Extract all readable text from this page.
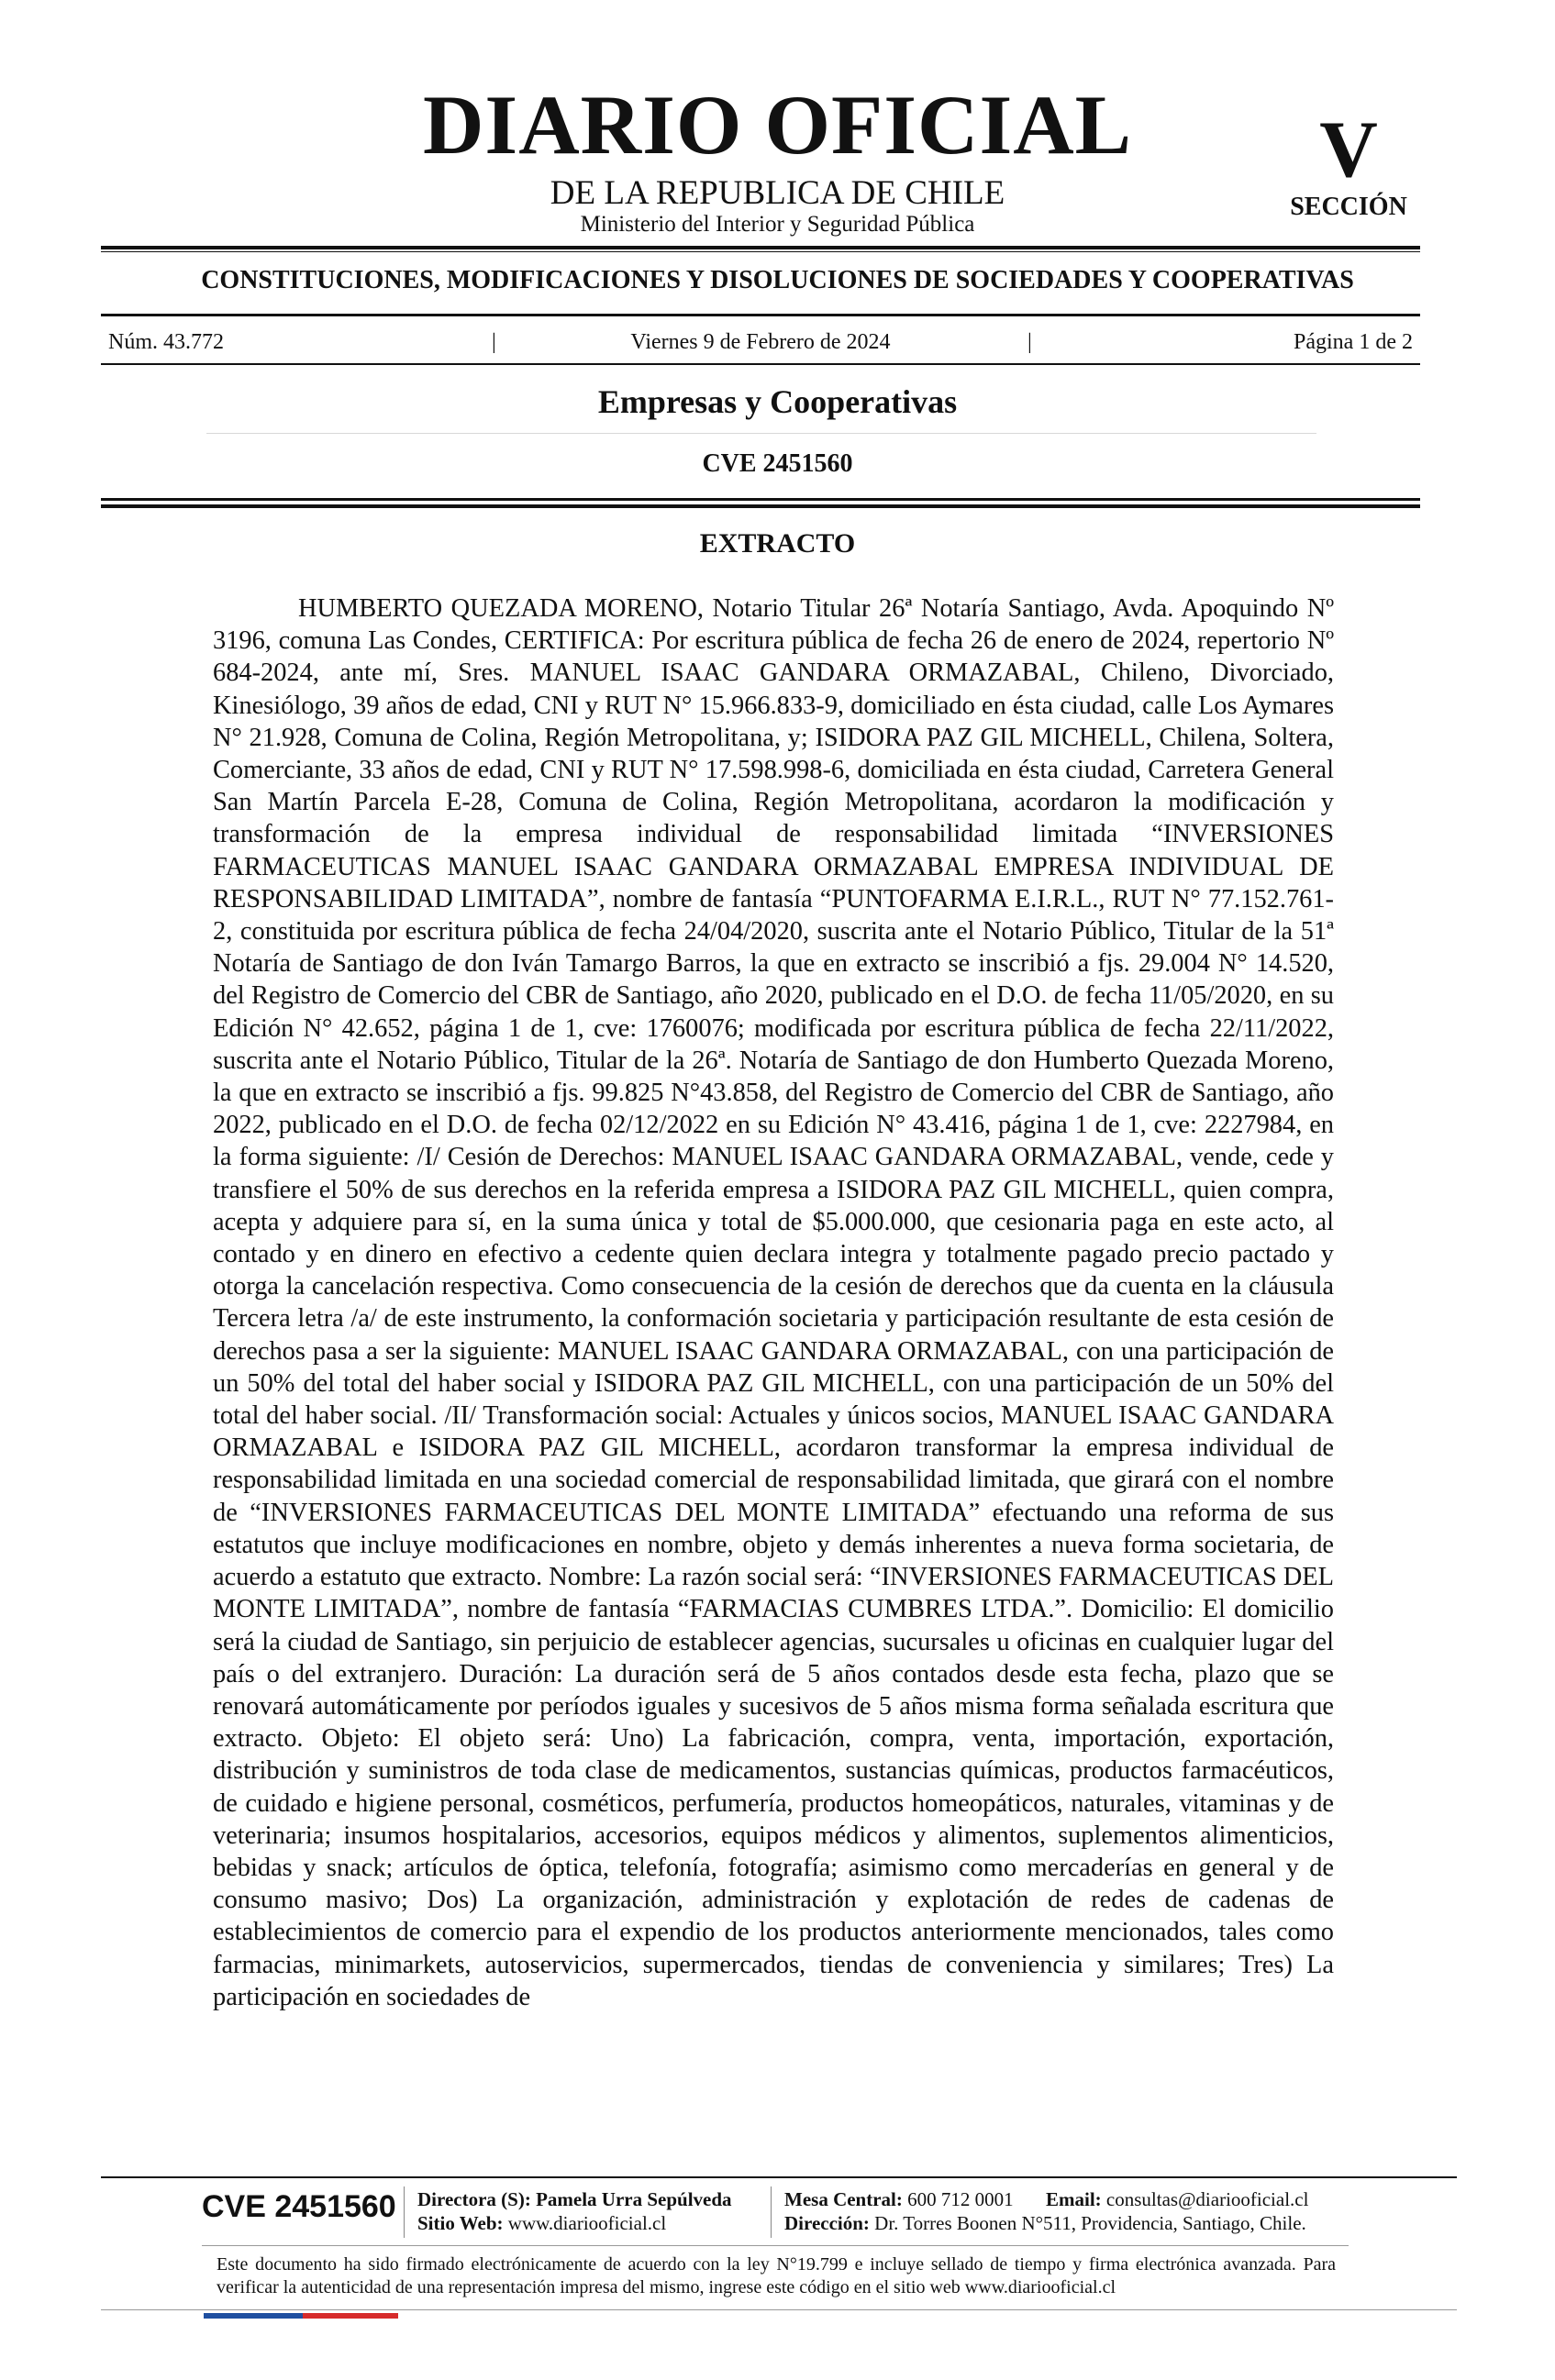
DIARIO OFICIAL
DE LA REPUBLICA DE CHILE
Ministerio del Interior y Seguridad Pública
V
SECCIÓN
CONSTITUCIONES, MODIFICACIONES Y DISOLUCIONES DE SOCIEDADES Y COOPERATIVAS
Núm. 43.772	|	Viernes 9 de Febrero de 2024	|	Página 1 de 2
Empresas y Cooperativas
CVE 2451560
EXTRACTO

HUMBERTO QUEZADA MORENO, Notario Titular 26ª Notaría Santiago, Avda. Apoquindo Nº 3196, comuna Las Condes, CERTIFICA: Por escritura pública de fecha 26 de enero de 2024, repertorio Nº 684-2024, ante mí, Sres. MANUEL ISAAC GANDARA ORMAZABAL, Chileno, Divorciado, Kinesiólogo, 39 años de edad, CNI y RUT N° 15.966.833-9, domiciliado en ésta ciudad, calle Los Aymares N° 21.928, Comuna de Colina, Región Metropolitana, y; ISIDORA PAZ GIL MICHELL, Chilena, Soltera, Comerciante, 33 años de edad, CNI y RUT N° 17.598.998-6, domiciliada en ésta ciudad, Carretera General San Martín Parcela E-28, Comuna de Colina, Región Metropolitana, acordaron la modificación y transformación de la empresa individual de responsabilidad limitada “INVERSIONES FARMACEUTICAS MANUEL ISAAC GANDARA ORMAZABAL EMPRESA INDIVIDUAL DE RESPONSABILIDAD LIMITADA”, nombre de fantasía “PUNTOFARMA E.I.R.L., RUT N° 77.152.761-2, constituida por escritura pública de fecha 24/04/2020, suscrita ante el Notario Público, Titular de la 51ª Notaría de Santiago de don Iván Tamargo Barros, la que en extracto se inscribió a fjs. 29.004 N° 14.520, del Registro de Comercio del CBR de Santiago, año 2020, publicado en el D.O. de fecha 11/05/2020, en su Edición N° 42.652, página 1 de 1, cve: 1760076; modificada por escritura pública de fecha 22/11/2022, suscrita ante el Notario Público, Titular de la 26ª. Notaría de Santiago de don Humberto Quezada Moreno, la que en extracto se inscribió a fjs. 99.825 N°43.858, del Registro de Comercio del CBR de Santiago, año 2022, publicado en el D.O. de fecha 02/12/2022 en su Edición N° 43.416, página 1 de 1, cve: 2227984, en la forma siguiente: /I/ Cesión de Derechos: MANUEL ISAAC GANDARA ORMAZABAL, vende, cede y transfiere el 50% de sus derechos en la referida empresa a ISIDORA PAZ GIL MICHELL, quien compra, acepta y adquiere para sí, en la suma única y total de $5.000.000, que cesionaria paga en este acto, al contado y en dinero en efectivo a cedente quien declara integra y totalmente pagado precio pactado y otorga la cancelación respectiva. Como consecuencia de la cesión de derechos que da cuenta en la cláusula Tercera letra /a/ de este instrumento, la conformación societaria y participación resultante de esta cesión de derechos pasa a ser la siguiente: MANUEL ISAAC GANDARA ORMAZABAL, con una participación de un 50% del total del haber social y ISIDORA PAZ GIL MICHELL, con una participación de un 50% del total del haber social. /II/ Transformación social: Actuales y únicos socios, MANUEL ISAAC GANDARA ORMAZABAL e ISIDORA PAZ GIL MICHELL, acordaron transformar la empresa individual de responsabilidad limitada en una sociedad comercial de responsabilidad limitada, que girará con el nombre de “INVERSIONES FARMACEUTICAS DEL MONTE LIMITADA” efectuando una reforma de sus estatutos que incluye modificaciones en nombre, objeto y demás inherentes a nueva forma societaria, de acuerdo a estatuto que extracto. Nombre: La razón social será: “INVERSIONES FARMACEUTICAS DEL MONTE LIMITADA”, nombre de fantasía “FARMACIAS CUMBRES LTDA.”. Domicilio: El domicilio será la ciudad de Santiago, sin perjuicio de establecer agencias, sucursales u oficinas en cualquier lugar del país o del extranjero. Duración: La duración será de 5 años contados desde esta fecha, plazo que se renovará automáticamente por períodos iguales y sucesivos de 5 años misma forma señalada escritura que extracto. Objeto: El objeto será: Uno) La fabricación, compra, venta, importación, exportación, distribución y suministros de toda clase de medicamentos, sustancias químicas, productos farmacéuticos, de cuidado e higiene personal, cosméticos, perfumería, productos homeopáticos, naturales, vitaminas y de veterinaria; insumos hospitalarios, accesorios, equipos médicos y alimentos, suplementos alimenticios, bebidas y snack; artículos de óptica, telefonía, fotografía; asimismo como mercaderías en general y de consumo masivo; Dos) La organización, administración y explotación de redes de cadenas de establecimientos de comercio para el expendio de los productos anteriormente mencionados, tales como farmacias, minimarkets, autoservicios, supermercados, tiendas de conveniencia y similares; Tres) La participación en sociedades de

CVE 2451560 Directora (S): Pamela Urra Sepúlveda
Sitio Web: www.diariooficial.cl
Mesa Central: 600 712 0001 Email: consultas@diariooficial.cl
Dirección: Dr. Torres Boonen N°511, Providencia, Santiago, Chile.
Este documento ha sido firmado electrónicamente de acuerdo con la ley N°19.799 e incluye sellado de tiempo y firma electrónica avanzada. Para verificar la autenticidad de una representación impresa del mismo, ingrese este código en el sitio web www.diariooficial.cl
